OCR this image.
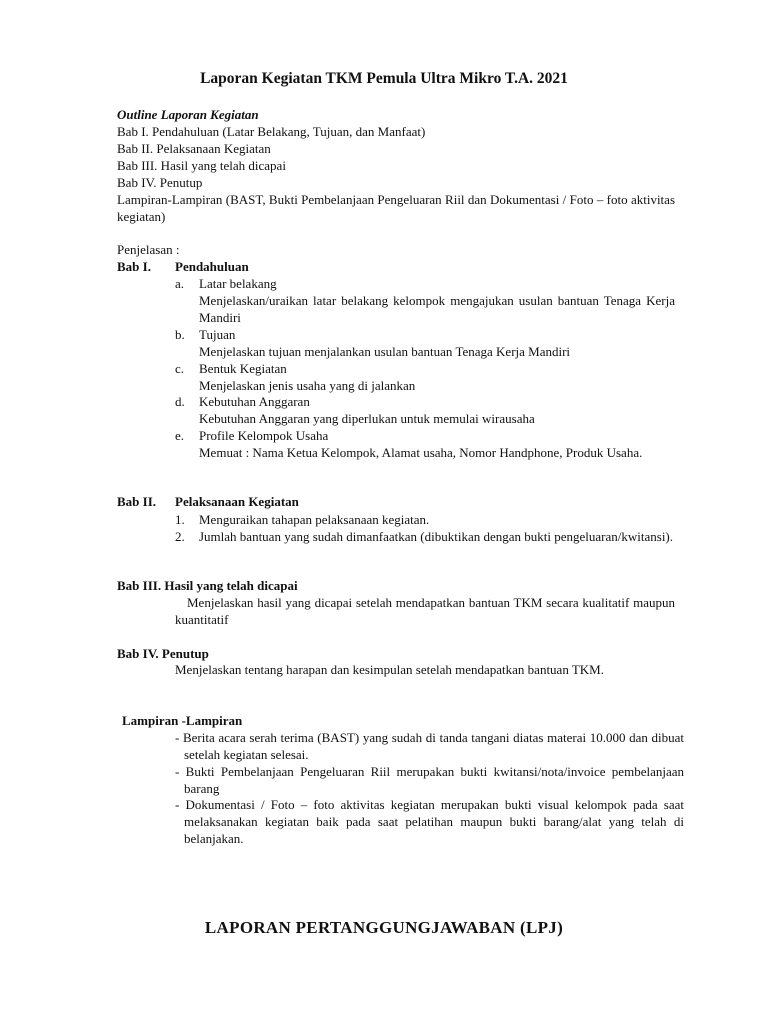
Laporan Kegiatan TKM Pemula Ultra Mikro T.A. 2021
Outline Laporan Kegiatan
Bab I. Pendahuluan (Latar Belakang, Tujuan, dan Manfaat)
Bab II. Pelaksanaan Kegiatan
Bab III. Hasil yang telah dicapai
Bab IV. Penutup
Lampiran-Lampiran (BAST, Bukti Pembelanjaan Pengeluaran Riil dan Dokumentasi / Foto – foto aktivitas kegiatan)
Penjelasan :
Bab I. Pendahuluan
a. Latar belakang
Menjelaskan/uraikan latar belakang kelompok mengajukan usulan bantuan Tenaga Kerja Mandiri
b. Tujuan
Menjelaskan tujuan menjalankan usulan bantuan Tenaga Kerja Mandiri
c. Bentuk Kegiatan
Menjelaskan jenis usaha yang di jalankan
d. Kebutuhan Anggaran
Kebutuhan Anggaran yang diperlukan untuk memulai wirausaha
e. Profile Kelompok Usaha
Memuat : Nama Ketua Kelompok, Alamat usaha, Nomor Handphone, Produk Usaha.
Bab II. Pelaksanaan Kegiatan
1. Menguraikan tahapan pelaksanaan kegiatan.
2. Jumlah bantuan yang sudah dimanfaatkan (dibuktikan dengan bukti pengeluaran/kwitansi).
Bab III. Hasil yang telah dicapai
Menjelaskan hasil yang dicapai setelah mendapatkan bantuan TKM secara kualitatif maupun kuantitatif
Bab IV. Penutup
Menjelaskan tentang harapan dan kesimpulan setelah mendapatkan bantuan TKM.
Lampiran -Lampiran
- Berita acara serah terima (BAST) yang sudah di tanda tangani diatas materai 10.000 dan dibuat setelah kegiatan selesai.
- Bukti Pembelanjaan Pengeluaran Riil merupakan bukti kwitansi/nota/invoice pembelanjaan barang
- Dokumentasi / Foto – foto aktivitas kegiatan merupakan bukti visual kelompok pada saat melaksanakan kegiatan baik pada saat pelatihan maupun bukti barang/alat yang telah di belanjakan.
LAPORAN PERTANGGUNGJAWABAN (LPJ)
